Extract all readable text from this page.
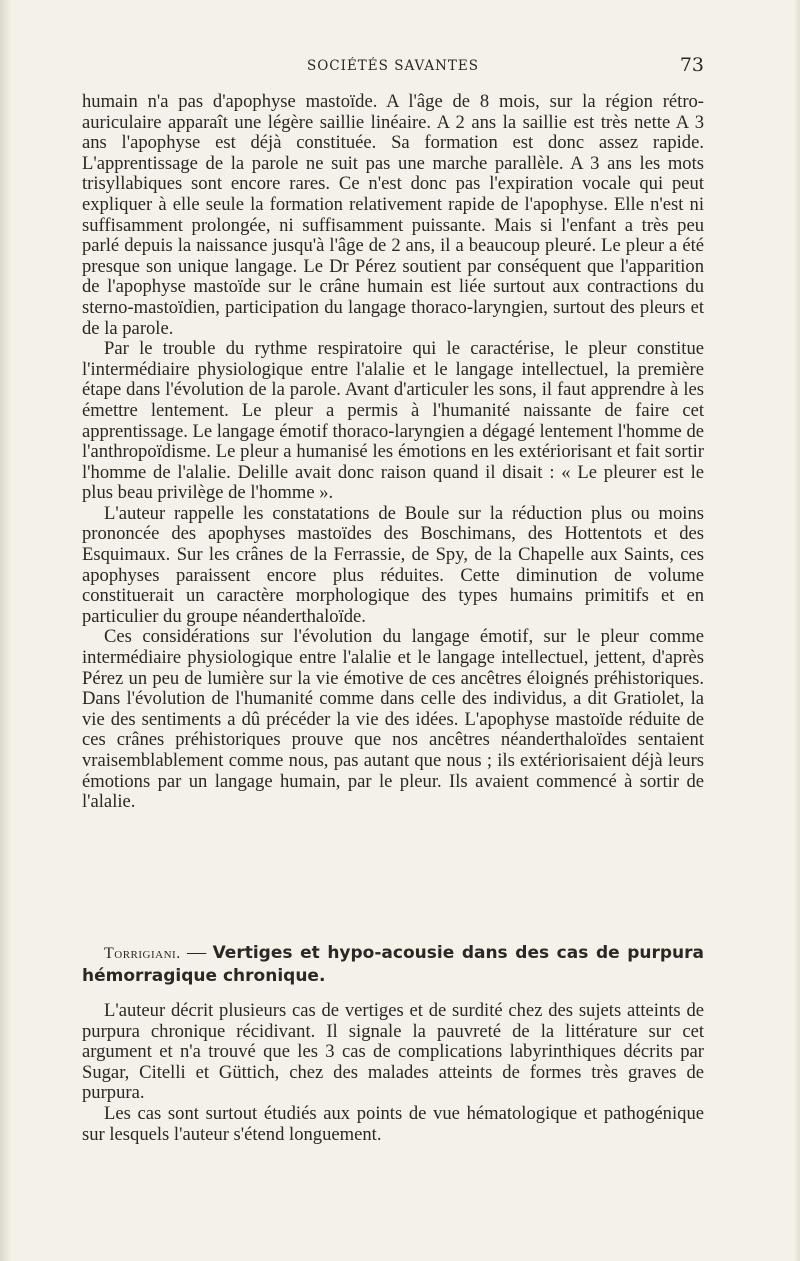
SOCIÉTÉS SAVANTES	73

humain n'a pas d'apophyse mastoïde. A l'âge de 8 mois, sur la région rétro-auriculaire apparaît une légère saillie linéaire. A 2 ans la saillie est très nette A 3 ans l'apophyse est déjà constituée. Sa formation est donc assez rapide. L'apprentissage de la parole ne suit pas une marche parallèle. A 3 ans les mots trisyllabiques sont encore rares. Ce n'est donc pas l'expiration vocale qui peut expliquer à elle seule la formation relativement rapide de l'apophyse. Elle n'est ni suffisamment prolongée, ni suffisamment puissante. Mais si l'enfant a très peu parlé depuis la naissance jusqu'à l'âge de 2 ans, il a beaucoup pleuré. Le pleur a été presque son unique langage. Le Dr Pérez soutient par conséquent que l'apparition de l'apophyse mastoïde sur le crâne humain est liée surtout aux contractions du sterno-mastoïdien, participation du langage thoraco-laryngien, surtout des pleurs et de la parole.

Par le trouble du rythme respiratoire qui le caractérise, le pleur constitue l'intermédiaire physiologique entre l'alalie et le langage intellectuel, la première étape dans l'évolution de la parole. Avant d'articuler les sons, il faut apprendre à les émettre lentement. Le pleur a permis à l'humanité naissante de faire cet apprentissage. Le langage émotif thoraco-laryngien a dégagé lentement l'homme de l'anthropoïdisme. Le pleur a humanisé les émotions en les extériorisant et fait sortir l'homme de l'alalie. Delille avait donc raison quand il disait : « Le pleurer est le plus beau privilège de l'homme ».

L'auteur rappelle les constatations de Boule sur la réduction plus ou moins prononcée des apophyses mastoïdes des Boschimans, des Hottentots et des Esquimaux. Sur les crânes de la Ferrassie, de Spy, de la Chapelle aux Saints, ces apophyses paraissent encore plus réduites. Cette diminution de volume constituerait un caractère morphologique des types humains primitifs et en particulier du groupe néanderthaloïde.

Ces considérations sur l'évolution du langage émotif, sur le pleur comme intermédiaire physiologique entre l'alalie et le langage intellectuel, jettent, d'après Pérez un peu de lumière sur la vie émotive de ces ancêtres éloignés préhistoriques. Dans l'évolution de l'humanité comme dans celle des individus, a dit Gratiolet, la vie des sentiments a dû précéder la vie des idées. L'apophyse mastoïde réduite de ces crânes préhistoriques prouve que nos ancêtres néanderthaloïdes sentaient vraisemblablement comme nous, pas autant que nous ; ils extériorisaient déjà leurs émotions par un langage humain, par le pleur. Ils avaient commencé à sortir de l'alalie.

Torrigiani. — Vertiges et hypo-acousie dans des cas de purpura hémorragique chronique.

L'auteur décrit plusieurs cas de vertiges et de surdité chez des sujets atteints de purpura chronique récidivant. Il signale la pauvreté de la littérature sur cet argument et n'a trouvé que les 3 cas de complications labyrinthiques décrits par Sugar, Citelli et Güttich, chez des malades atteints de formes très graves de purpura.

Les cas sont surtout étudiés aux points de vue hématologique et pathogénique sur lesquels l'auteur s'étend longuement.
